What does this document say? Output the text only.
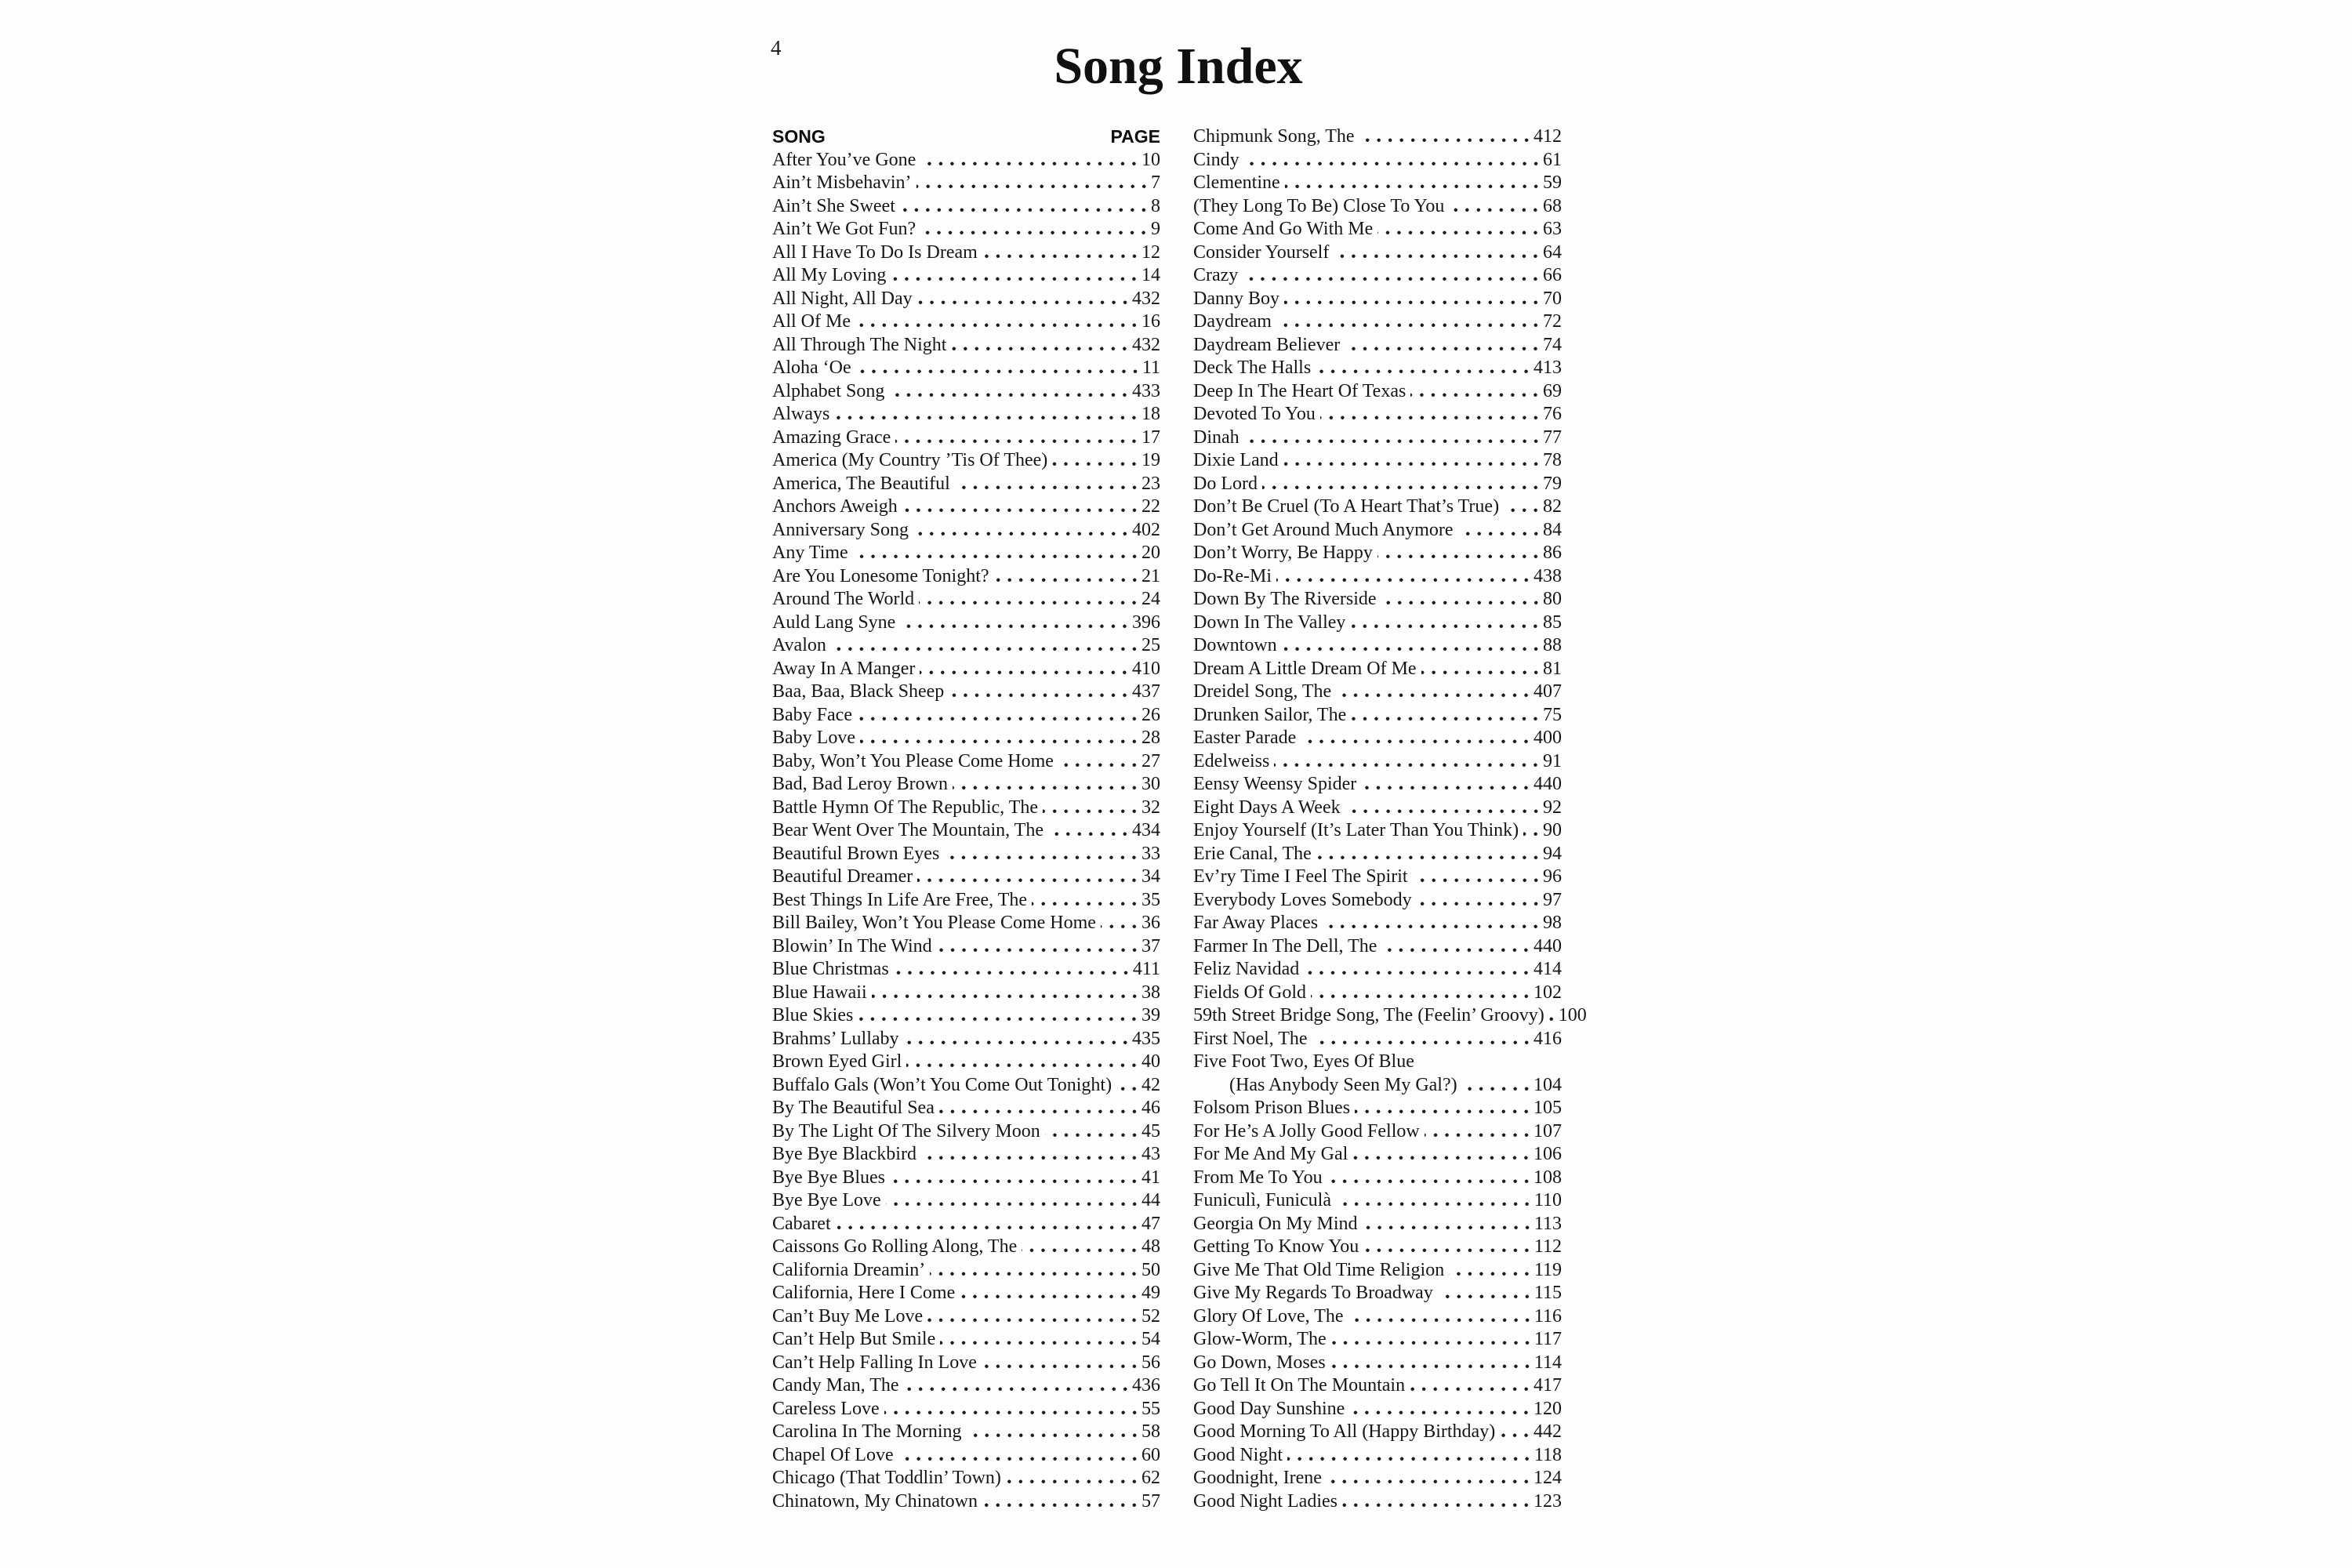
4	Song Index
SONG	PAGE
After You’ve Gone	10
Ain’t Misbehavin’	7
Ain’t She Sweet	8
Ain’t We Got Fun?	9
All I Have To Do Is Dream	12
All My Loving	14
All Night, All Day	432
All Of Me	16
All Through The Night	432
Aloha ‘Oe	11
Alphabet Song	433
Always	18
Amazing Grace	17
America (My Country ’Tis Of Thee)	19
America, The Beautiful	23
Anchors Aweigh	22
Anniversary Song	402
Any Time	20
Are You Lonesome Tonight?	21
Around The World	24
Auld Lang Syne	396
Avalon	25
Away In A Manger	410
Baa, Baa, Black Sheep	437
Baby Face	26
Baby Love	28
Baby, Won’t You Please Come Home	27
Bad, Bad Leroy Brown	30
Battle Hymn Of The Republic, The	32
Bear Went Over The Mountain, The	434
Beautiful Brown Eyes	33
Beautiful Dreamer	34
Best Things In Life Are Free, The	35
Bill Bailey, Won’t You Please Come Home 36
Blowin’ In The Wind	37
Blue Christmas	411
Blue Hawaii	38
Blue Skies	39
Brahms’ Lullaby	435
Brown Eyed Girl	40
Buffalo Gals (Won’t You Come Out Tonight) 42
By The Beautiful Sea	46
By The Light Of The Silvery Moon	45
Bye Bye Blackbird	43
Bye Bye Blues	41
Bye Bye Love	44
Cabaret	47
Caissons Go Rolling Along, The	48
California Dreamin’	50
California, Here I Come	49
Can’t Buy Me Love	52
Can’t Help But Smile	54
Can’t Help Falling In Love	56
Candy Man, The	436
Careless Love	55
Carolina In The Morning	58
Chapel Of Love	60
Chicago (That Toddlin’ Town)	62
Chinatown, My Chinatown	57
Chipmunk Song, The	412
Cindy	61
Clementine	59
(They Long To Be) Close To You	68
Come And Go With Me	63
Consider Yourself	64
Crazy	66
Danny Boy	70
Daydream	72
Daydream Believer	74
Deck The Halls	413
Deep In The Heart Of Texas	69
Devoted To You	76
Dinah	77
Dixie Land	78
Do Lord	79
Don’t Be Cruel (To A Heart That’s True) 82
Don’t Get Around Much Anymore	84
Don’t Worry, Be Happy	86
Do-Re-Mi	438
Down By The Riverside	80
Down In The Valley	85
Downtown	88
Dream A Little Dream Of Me	81
Dreidel Song, The	407
Drunken Sailor, The	75
Easter Parade	400
Edelweiss	91
Eensy Weensy Spider	440
Eight Days A Week	92
Enjoy Yourself (It’s Later Than You Think) 90
Erie Canal, The	94
Ev’ry Time I Feel The Spirit	96
Everybody Loves Somebody	97
Far Away Places	98
Farmer In The Dell, The	440
Feliz Navidad	414
Fields Of Gold	102
59th Street Bridge Song, The (Feelin’ Groovy) 100
First Noel, The	416
Five Foot Two, Eyes Of Blue
(Has Anybody Seen My Gal?)	104
Folsom Prison Blues	105
For He’s A Jolly Good Fellow	107
For Me And My Gal	106
From Me To You	108
Funiculì, Funiculà	110
Georgia On My Mind	113
Getting To Know You	112
Give Me That Old Time Religion	119
Give My Regards To Broadway	115
Glory Of Love, The	116
Glow-Worm, The	117
Go Down, Moses	114
Go Tell It On The Mountain	417
Good Day Sunshine	120
Good Morning To All (Happy Birthday) 442
Good Night	118
Goodnight, Irene	124
Good Night Ladies	123
